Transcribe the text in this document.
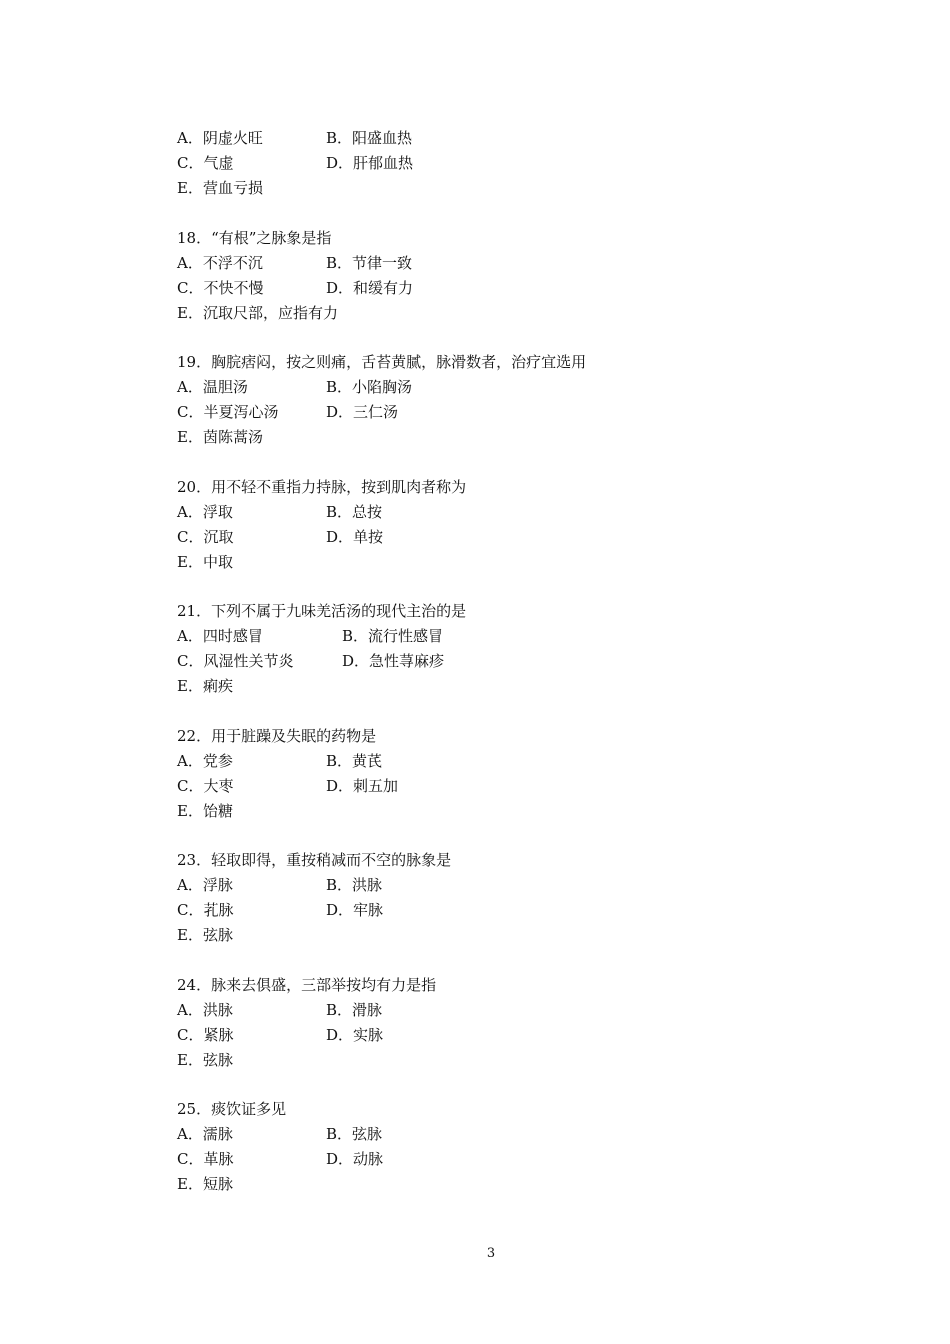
A．阴虚火旺	B．阳盛血热
C．气虚	D．肝郁血热
E．营血亏损
18．“有根”之脉象是指
A．不浮不沉	B．节律一致
C．不快不慢	D．和缓有力
E．沉取尺部，应指有力
19．胸脘痞闷，按之则痛，舌苔黄腻，脉滑数者，治疗宜选用
A．温胆汤	B．小陷胸汤
C．半夏泻心汤	D．三仁汤
E．茵陈蒿汤
20．用不轻不重指力持脉，按到肌肉者称为
A．浮取	B．总按
C．沉取	D．单按
E．中取
21．下列不属于九味羌活汤的现代主治的是
A．四时感冒	B．流行性感冒
C．风湿性关节炎	D．急性荨麻疹
E．痢疾
22．用于脏躁及失眠的药物是
A．党参	B．黄芪
C．大枣	D．刺五加
E．饴糖
23．轻取即得，重按稍减而不空的脉象是
A．浮脉	B．洪脉
C．芤脉	D．牢脉
E．弦脉
24．脉来去俱盛，三部举按均有力是指
A．洪脉	B．滑脉
C．紧脉	D．实脉
E．弦脉
25．痰饮证多见
A．濡脉	B．弦脉
C．革脉	D．动脉
E．短脉
3
